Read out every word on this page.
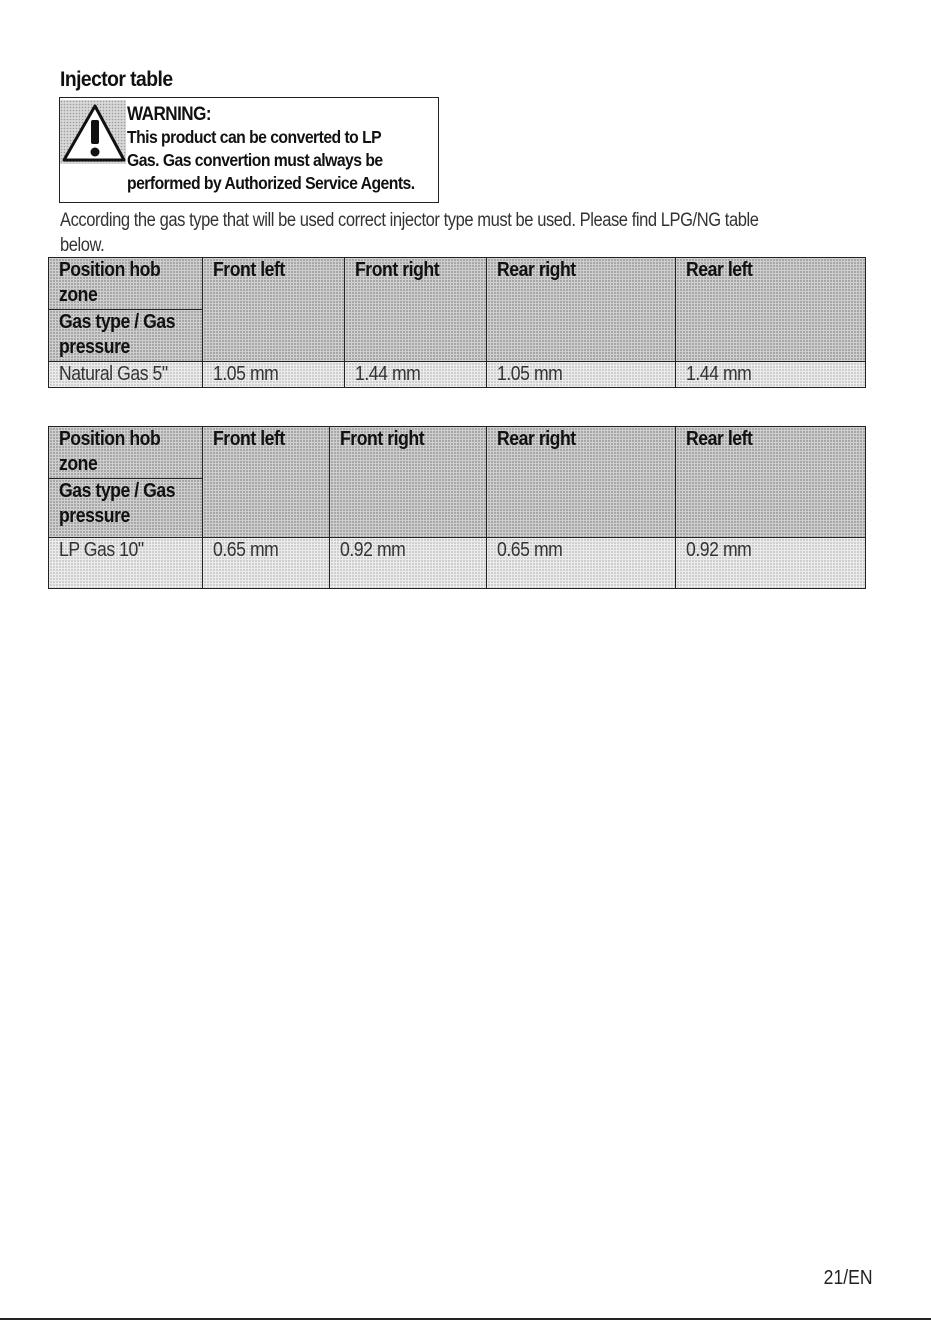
Injector table
WARNING:
This product can be converted to LP
Gas. Gas convertion must always be
performed by Authorized Service Agents.
According the gas type that will be used correct injector type must be used. Please find LPG/NG table
below.
Position hob zone	Front left	Front right	Rear right	Rear left
Gas type / Gas pressure				
Natural Gas 5"	1.05 mm	1.44 mm	1.05 mm	1.44 mm
Position hob zone	Front left	Front right	Rear right	Rear left
Gas type / Gas pressure				
LP Gas 10"	0.65 mm	0.92 mm	0.65 mm	0.92 mm
21/EN
